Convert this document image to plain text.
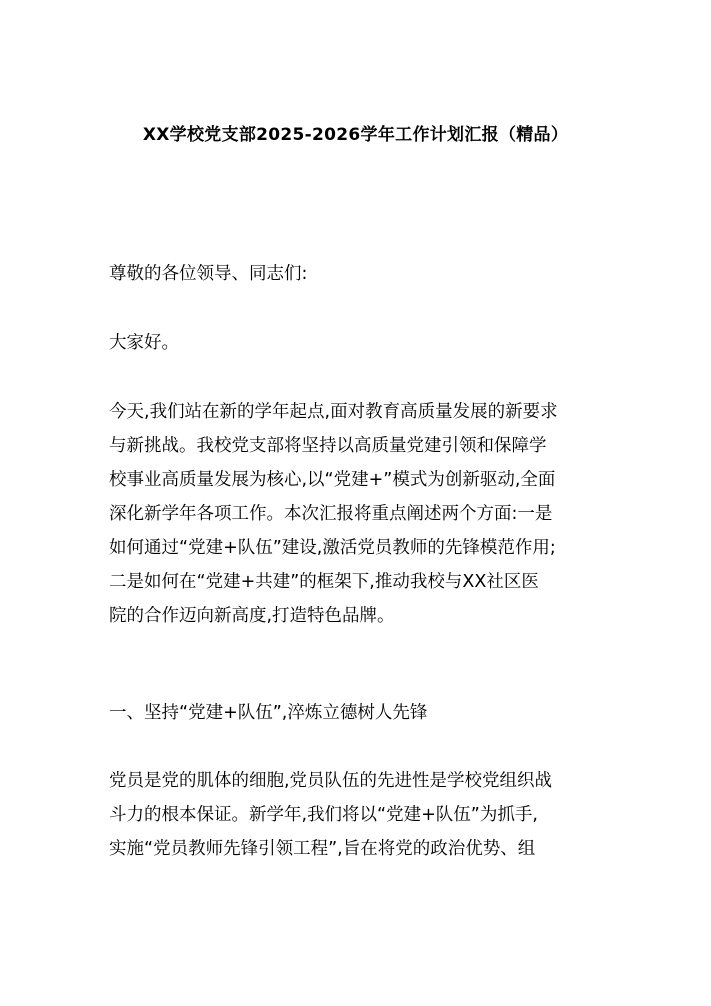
XX学校党支部2025-2026学年工作计划汇报（精品）

尊敬的各位领导、同志们:

大家好。

今天,我们站在新的学年起点,面对教育高质量发展的新要求
与新挑战。我校党支部将坚持以高质量党建引领和保障学
校事业高质量发展为核心,以“党建+”模式为创新驱动,全面
深化新学年各项工作。本次汇报将重点阐述两个方面:一是
如何通过“党建+队伍”建设,激活党员教师的先锋模范作用;
二是如何在“党建+共建”的框架下,推动我校与XX社区医
院的合作迈向新高度,打造特色品牌。

一、坚持“党建+队伍”,淬炼立德树人先锋

党员是党的肌体的细胞,党员队伍的先进性是学校党组织战
斗力的根本保证。新学年,我们将以“党建+队伍”为抓手,
实施“党员教师先锋引领工程”,旨在将党的政治优势、组
